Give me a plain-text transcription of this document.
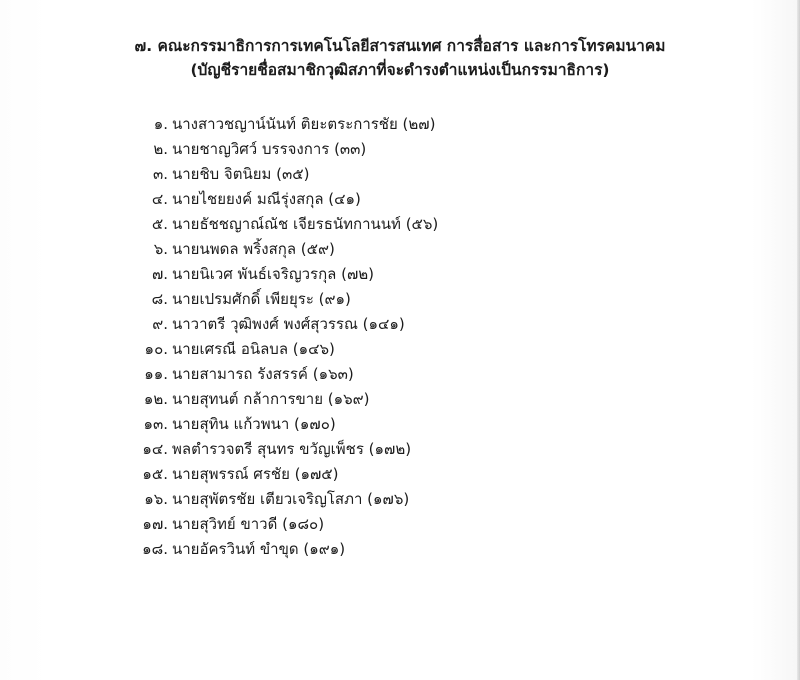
๗. คณะกรรมาธิการการเทคโนโลยีสารสนเทศ การสื่อสาร และการโทรคมนาคม
(บัญชีรายชื่อสมาชิกวุฒิสภาที่จะดำรงตำแหน่งเป็นกรรมาธิการ)
๑. นางสาวชญาน์นันท์ ติยะตระการชัย (๒๗)
๒. นายชาญวิศว์ บรรจงการ (๓๓)
๓. นายชิบ จิตนิยม (๓๕)
๔. นายไชยยงค์ มณีรุ่งสกุล (๔๑)
๕. นายธัชชญาณ์ณัช เจียรธนัทกานนท์ (๕๖)
๖. นายนพดล พริ้งสกุล (๕๙)
๗. นายนิเวศ พันธ์เจริญวรกุล (๗๒)
๘. นายเปรมศักดิ์ เพียยุระ (๙๑)
๙. นาวาตรี วุฒิพงศ์ พงศ์สุวรรณ (๑๔๑)
๑๐. นายเศรณี อนิลบล (๑๔๖)
๑๑. นายสามารถ รังสรรค์ (๑๖๓)
๑๒. นายสุทนต์ กล้าการขาย (๑๖๙)
๑๓. นายสุทิน แก้วพนา (๑๗๐)
๑๔. พลตำรวจตรี สุนทร ขวัญเพ็ชร (๑๗๒)
๑๕. นายสุพรรณ์ ศรชัย (๑๗๕)
๑๖. นายสุพัตรชัย เตียวเจริญโสภา (๑๗๖)
๑๗. นายสุวิทย์ ขาวดี (๑๘๐)
๑๘. นายอัครวินท์ ขำขุด (๑๙๑)
